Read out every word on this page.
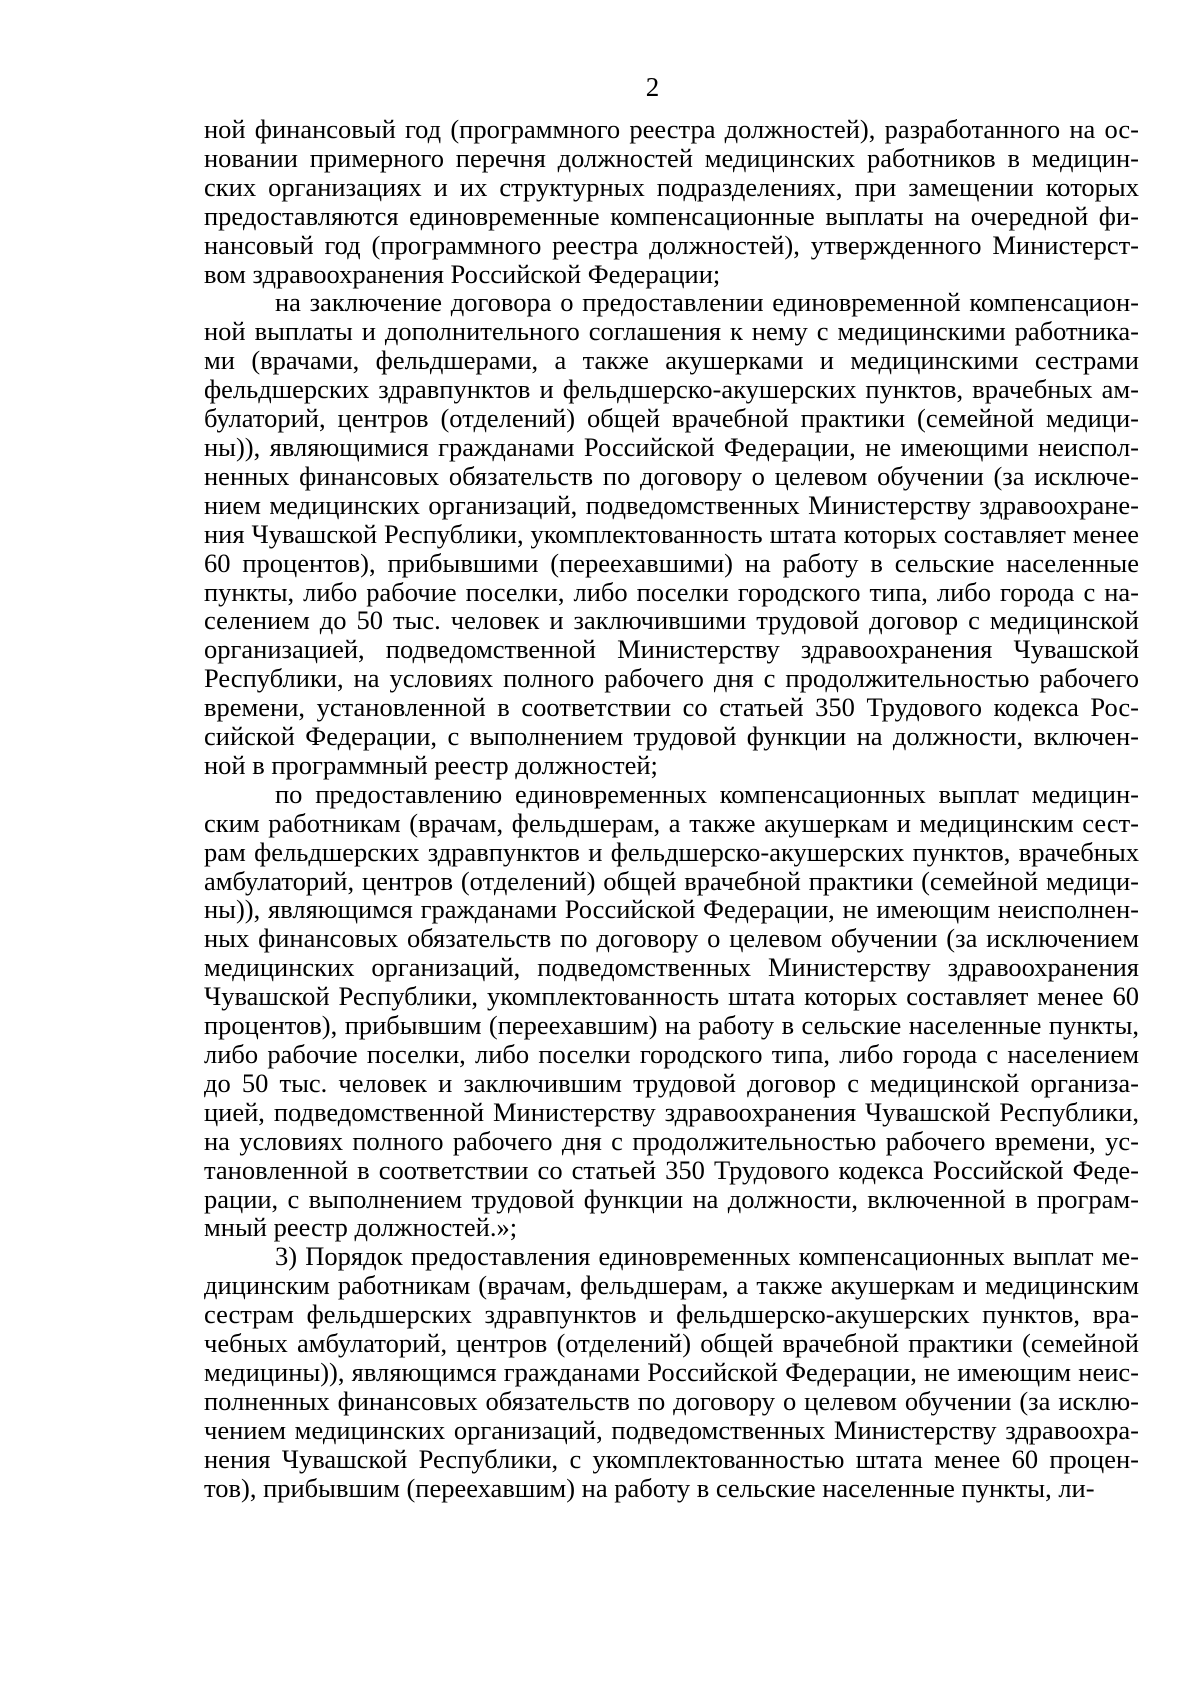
2

ной финансовый год (программного реестра должностей), разработанного на основании примерного перечня должностей медицинских работников в медицинских организациях и их структурных подразделениях, при замещении которых предоставляются единовременные компенсационные выплаты на очередной финансовый год (программного реестра должностей), утвержденного Министерством здравоохранения Российской Федерации;

на заключение договора о предоставлении единовременной компенсационной выплаты и дополнительного соглашения к нему с медицинскими работниками (врачами, фельдшерами, а также акушерками и медицинскими сестрами фельдшерских здравпунктов и фельдшерско-акушерских пунктов, врачебных амбулаторий, центров (отделений) общей врачебной практики (семейной медицины)), являющимися гражданами Российской Федерации, не имеющими неисполненных финансовых обязательств по договору о целевом обучении (за исключением медицинских организаций, подведомственных Министерству здравоохранения Чувашской Республики, укомплектованность штата которых составляет менее 60 процентов), прибывшими (переехавшими) на работу в сельские населенные пункты, либо рабочие поселки, либо поселки городского типа, либо города с населением до 50 тыс. человек и заключившими трудовой договор с медицинской организацией, подведомственной Министерству здравоохранения Чувашской Республики, на условиях полного рабочего дня с продолжительностью рабочего времени, установленной в соответствии со статьей 350 Трудового кодекса Российской Федерации, с выполнением трудовой функции на должности, включенной в программный реестр должностей;

по предоставлению единовременных компенсационных выплат медицинским работникам (врачам, фельдшерам, а также акушеркам и медицинским сестрам фельдшерских здравпунктов и фельдшерско-акушерских пунктов, врачебных амбулаторий, центров (отделений) общей врачебной практики (семейной медицины)), являющимся гражданами Российской Федерации, не имеющим неисполненных финансовых обязательств по договору о целевом обучении (за исключением медицинских организаций, подведомственных Министерству здравоохранения Чувашской Республики, укомплектованность штата которых составляет менее 60 процентов), прибывшим (переехавшим) на работу в сельские населенные пункты, либо рабочие поселки, либо поселки городского типа, либо города с населением до 50 тыс. человек и заключившим трудовой договор с медицинской организацией, подведомственной Министерству здравоохранения Чувашской Республики, на условиях полного рабочего дня с продолжительностью рабочего времени, установленной в соответствии со статьей 350 Трудового кодекса Российской Федерации, с выполнением трудовой функции на должности, включенной в программный реестр должностей.»;

3) Порядок предоставления единовременных компенсационных выплат медицинским работникам (врачам, фельдшерам, а также акушеркам и медицинским сестрам фельдшерских здравпунктов и фельдшерско-акушерских пунктов, врачебных амбулаторий, центров (отделений) общей врачебной практики (семейной медицины)), являющимся гражданами Российской Федерации, не имеющим неисполненных финансовых обязательств по договору о целевом обучении (за исключением медицинских организаций, подведомственных Министерству здравоохранения Чувашской Республики, с укомплектованностью штата менее 60 процентов), прибывшим (переехавшим) на работу в сельские населенные пункты, ли-
